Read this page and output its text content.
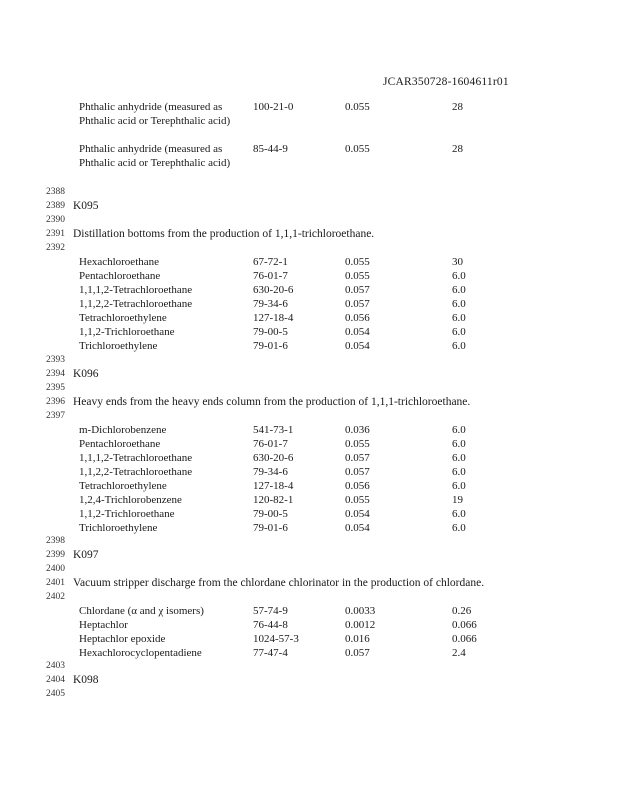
JCAR350728-1604611r01
Phthalic anhydride (measured as Phthalic acid or Terephthalic acid)
100-21-0	0.055	28
Phthalic anhydride (measured as Phthalic acid or Terephthalic acid)
85-44-9	0.055	28
2388
2389
2390
2391
2392
2393
2394
2395
2396
2397
2398
2399
2400
2401
2402
2403
2404
2405
K095
Distillation bottoms from the production of 1,1,1-trichloroethane.
Hexachloroethane	67-72-1	0.055	30
Pentachloroethane	76-01-7	0.055	6.0
1,1,1,2-Tetrachloroethane	630-20-6	0.057	6.0
1,1,2,2-Tetrachloroethane	79-34-6	0.057	6.0
Tetrachloroethylene	127-18-4	0.056	6.0
1,1,2-Trichloroethane	79-00-5	0.054	6.0
Trichloroethylene	79-01-6	0.054	6.0
K096
Heavy ends from the heavy ends column from the production of 1,1,1-trichloroethane.
m-Dichlorobenzene	541-73-1	0.036	6.0
Pentachloroethane	76-01-7	0.055	6.0
1,1,1,2-Tetrachloroethane	630-20-6	0.057	6.0
1,1,2,2-Tetrachloroethane	79-34-6	0.057	6.0
Tetrachloroethylene	127-18-4	0.056	6.0
1,2,4-Trichlorobenzene	120-82-1	0.055	19
1,1,2-Trichloroethane	79-00-5	0.054	6.0
Trichloroethylene	79-01-6	0.054	6.0
K097
Vacuum stripper discharge from the chlordane chlorinator in the production of chlordane.
Chlordane (α and χ isomers)	57-74-9	0.0033	0.26
Heptachlor	76-44-8	0.0012	0.066
Heptachlor epoxide	1024-57-3	0.016	0.066
Hexachlorocyclopentadiene	77-47-4	0.057	2.4
K098
